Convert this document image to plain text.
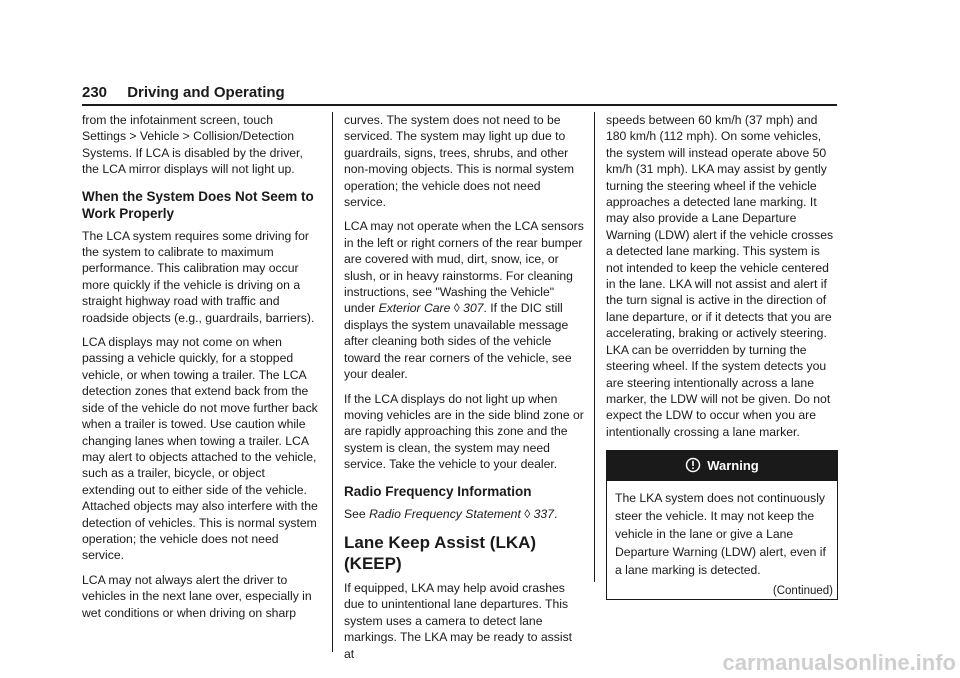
230 Driving and Operating

from the infotainment screen, touch Settings > Vehicle > Collision/Detection Systems. If LCA is disabled by the driver, the LCA mirror displays will not light up.

When the System Does Not Seem to Work Properly

The LCA system requires some driving for the system to calibrate to maximum performance. This calibration may occur more quickly if the vehicle is driving on a straight highway road with traffic and roadside objects (e.g., guardrails, barriers).

LCA displays may not come on when passing a vehicle quickly, for a stopped vehicle, or when towing a trailer. The LCA detection zones that extend back from the side of the vehicle do not move further back when a trailer is towed. Use caution while changing lanes when towing a trailer. LCA may alert to objects attached to the vehicle, such as a trailer, bicycle, or object extending out to either side of the vehicle. Attached objects may also interfere with the detection of vehicles. This is normal system operation; the vehicle does not need service.

LCA may not always alert the driver to vehicles in the next lane over, especially in wet conditions or when driving on sharp

curves. The system does not need to be serviced. The system may light up due to guardrails, signs, trees, shrubs, and other non-moving objects. This is normal system operation; the vehicle does not need service.

LCA may not operate when the LCA sensors in the left or right corners of the rear bumper are covered with mud, dirt, snow, ice, or slush, or in heavy rainstorms. For cleaning instructions, see "Washing the Vehicle" under Exterior Care ◊ 307. If the DIC still displays the system unavailable message after cleaning both sides of the vehicle toward the rear corners of the vehicle, see your dealer.

If the LCA displays do not light up when moving vehicles are in the side blind zone or are rapidly approaching this zone and the system is clean, the system may need service. Take the vehicle to your dealer.

Radio Frequency Information

See Radio Frequency Statement ◊ 337.

Lane Keep Assist (LKA) (KEEP)

If equipped, LKA may help avoid crashes due to unintentional lane departures. This system uses a camera to detect lane markings. The LKA may be ready to assist at

speeds between 60 km/h (37 mph) and 180 km/h (112 mph). On some vehicles, the system will instead operate above 50 km/h (31 mph). LKA may assist by gently turning the steering wheel if the vehicle approaches a detected lane marking. It may also provide a Lane Departure Warning (LDW) alert if the vehicle crosses a detected lane marking. This system is not intended to keep the vehicle centered in the lane. LKA will not assist and alert if the turn signal is active in the direction of lane departure, or if it detects that you are accelerating, braking or actively steering. LKA can be overridden by turning the steering wheel. If the system detects you are steering intentionally across a lane marker, the LDW will not be given. Do not expect the LDW to occur when you are intentionally crossing a lane marker.

Warning
The LKA system does not continuously steer the vehicle. It may not keep the vehicle in the lane or give a Lane Departure Warning (LDW) alert, even if a lane marking is detected.
(Continued)
carmanualsonline.info
